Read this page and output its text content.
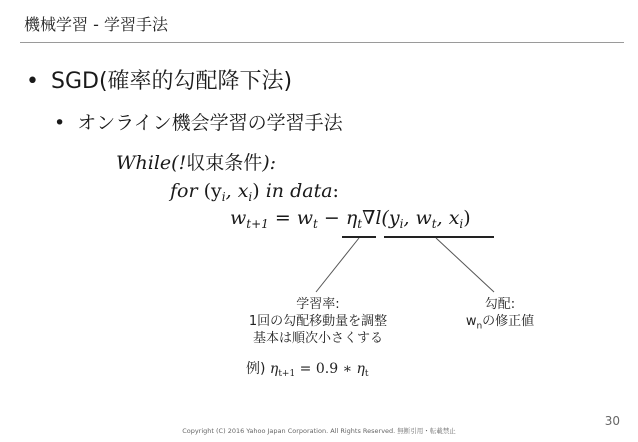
機械学習 - 学習手法
• SGD(確率的勾配降下法)
• オンライン機会学習の学習手法
While(!収束条件):
for ($y_i$, $x_i$) in data:
$w_{t+1} = w_t - \eta_t\nabla l(y_i$, $w_t$, $x_i$)
学習率:
1回の勾配移動量を調整
基本は順次小さくする
勾配:
$w_n$の修正値
例) $\eta_{t+1} = 0.9$ ∗ $\eta_t$
Copyright (C) 2016 Yahoo Japan Corporation. All Rights Reserved. 無断引用・転載禁止
30
